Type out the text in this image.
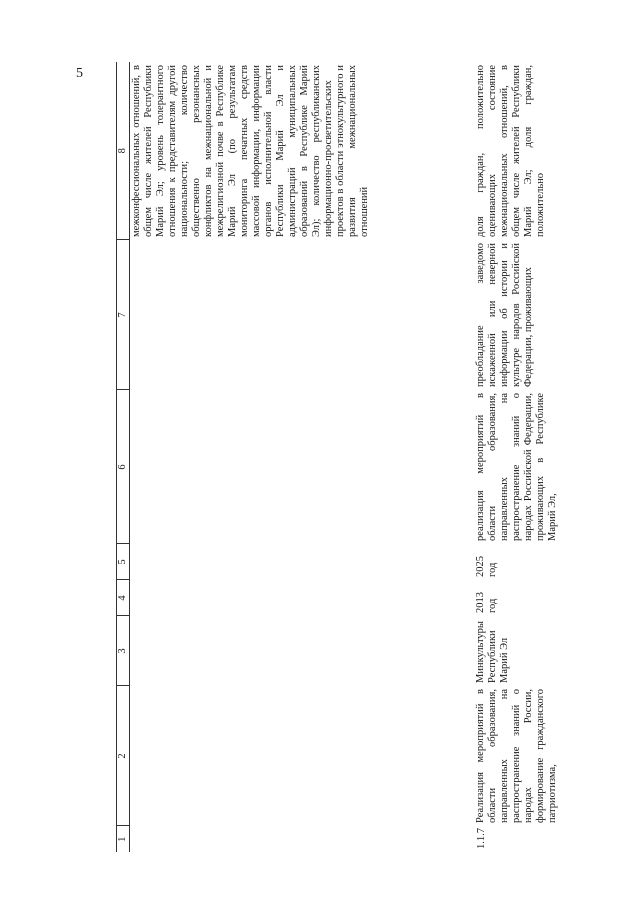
5
1	2	3	4	5	6	7	8
							межконфессиональных отношений, в общем числе жителей Республики Марий Эл; уровень толерантного отношения к представителям другой национальности; количество общественно резонансных конфликтов на межнациональной и межрелигиозной почве в Республике Марий Эл (по результатам мониторинга печатных средств массовой информации, информации органов исполнительной власти Республики Марий Эл и администраций муниципальных образований в Республике Марий Эл); количество республиканских информационно-просветительских проектов в области этнокультурного и развития межнациональных отношений
1.1.7	Реализация мероприятий в области образования, направленных на распространение знаний о народах России, формирование гражданского патриотизма,	Минкультуры Республики Марий Эл	2013 год	2025 год	реализация мероприятий в области образования, направленных на распространение знаний о народах Российской Федерации, проживающих в Республике Марий Эл,	преобладание заведомо искаженной или неверной информации об истории и культуре народов Российской Федерации, проживающих	доля граждан, положительно оценивающих состояние межнациональных отношений, в общем числе жителей Республики Марий Эл; доля граждан, положительно
